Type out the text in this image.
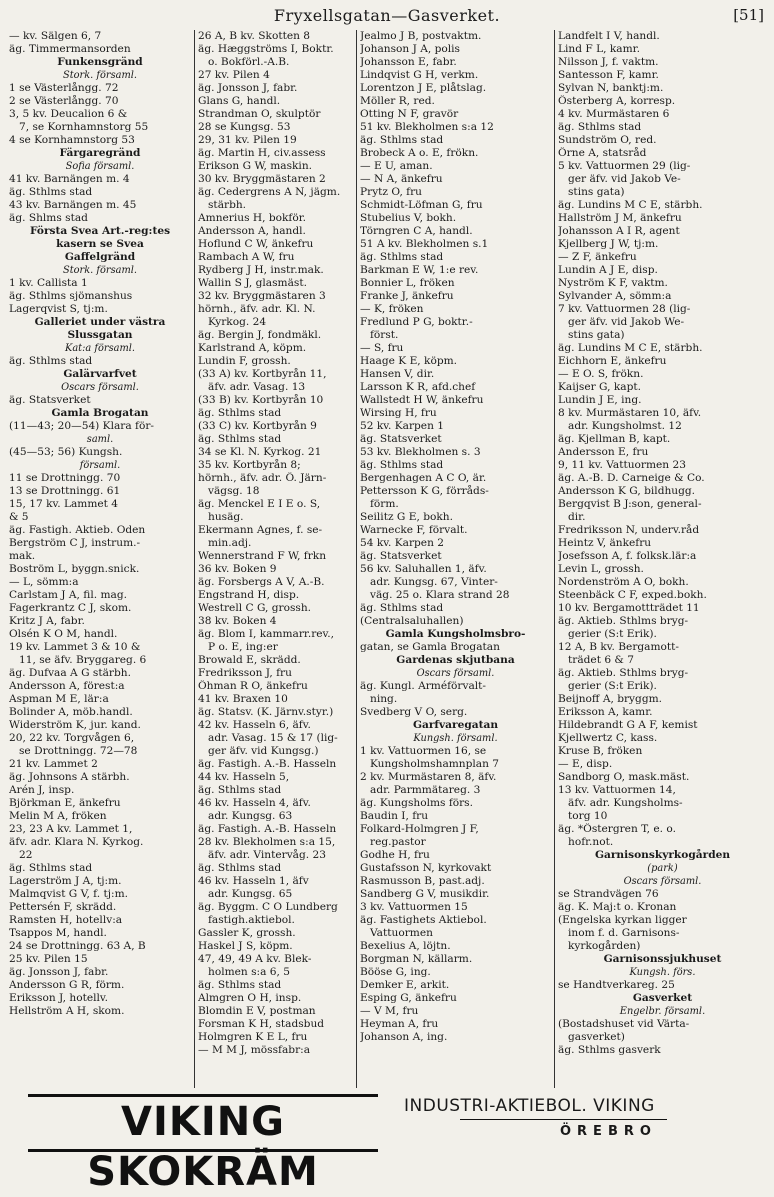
Fryxellsgatan—Gasverket.	[51]
— kv. Sälgen 6, 7
äg. Timmermansorden
Funkensgränd
Stork. församl.
1 se Västerlångg. 72
2 se Västerlångg. 70
3, 5 kv. Deucalion 6 &
7, se Kornhamnstorg 55
4 se Kornhamnstorg 53
Färgaregränd
Sofia församl.
41 kv. Barnängen m. 4
äg. Sthlms stad
43 kv. Barnängen m. 45
äg. Shlms stad
Första Svea Art.-reg:tes
kasern se Svea
Gaffelgränd
Stork. församl.
1 kv. Callista 1
äg. Sthlms sjömanshus
Lagerqvist S, tj:m.
Galleriet under västra
Slussgatan
Kat:a församl.
äg. Sthlms stad
Galärvarfvet
Oscars församl.
äg. Statsverket
Gamla Brogatan
(11—43; 20—54) Klara för-
saml.
(45—53; 56) Kungsh.
församl.
11 se Drottningg. 70
13 se Drottningg. 61
15, 17 kv. Lammet 4
& 5
äg. Fastigh. Aktieb. Oden
Bergström C J, instrum.-
mak.
Boström L, byggn.snick.
— L, sömm:a
Carlstam J A, fil. mag.
Fagerkrantz C J, skom.
Kritz J A, fabr.
Olsén K O M, handl.
19 kv. Lammet 3 & 10 &
11, se äfv. Bryggareg. 6
äg. Dufvaa A G stärbh.
Andersson A, förest:a
Aspman M E, lär:a
Bolinder A, möb.handl.
Widerström K, jur. kand.
20, 22 kv. Torgvågen 6,
se Drottningg. 72—78
21 kv. Lammet 2
äg. Johnsons A stärbh.
Arén J, insp.
Björkman E, änkefru
Melin M A, fröken
23, 23 A kv. Lammet 1,
äfv. adr. Klara N. Kyrkog.
22
äg. Sthlms stad
Lagerström J A, tj:m.
Malmqvist G V, f. tj:m.
Pettersén F, skrädd.
Ramsten H, hotellv:a
Tsappos M, handl.
24 se Drottningg. 63 A, B
25 kv. Pilen 15
äg. Jonsson J, fabr.
Andersson G R, förm.
Eriksson J, hotellv.
Hellström A H, skom.
26 A, B kv. Skotten 8
äg. Hæggströms I, Boktr.
o. Bokförl.-A.B.
27 kv. Pilen 4
äg. Jonsson J, fabr.
Glans G, handl.
Strandman O, skulptör
28 se Kungsg. 53
29, 31 kv. Pilen 19
äg. Martin H, civ.assess
Erikson G W, maskin.
30 kv. Bryggmästaren 2
äg. Cedergrens A N, jägm.
stärbh.
Amnerius H, bokför.
Andersson A, handl.
Hoflund C W, änkefru
Rambach A W, fru
Rydberg J H, instr.mak.
Wallin S J, glasmäst.
32 kv. Bryggmästaren 3
hörnh., äfv. adr. Kl. N.
Kyrkog. 24
äg. Bergin J, fondmäkl.
Karlstrand A, köpm.
Lundin F, grossh.
(33 A) kv. Kortbyrån 11,
äfv. adr. Vasag. 13
(33 B) kv. Kortbyrån 10
äg. Sthlms stad
(33 C) kv. Kortbyrån 9
äg. Sthlms stad
34 se Kl. N. Kyrkog. 21
35 kv. Kortbyrån 8;
hörnh., äfv. adr. Ö. Järn-
vägsg. 18
äg. Menckel E I E o. S,
husäg.
Ekermann Agnes, f. se-
min.adj.
Wennerstrand F W, frkn
36 kv. Boken 9
äg. Forsbergs A V, A.-B.
Engstrand H, disp.
Westrell C G, grossh.
38 kv. Boken 4
äg. Blom I, kammarr.rev.,
P o. E, ing:er
Browald E, skrädd.
Fredriksson J, fru
Öhman R O, änkefru
41 kv. Braxen 10
äg. Statsv. (K. Järnv.styr.)
42 kv. Hasseln 6, äfv.
adr. Vasag. 15 & 17 (lig-
ger äfv. vid Kungsg.)
äg. Fastigh. A.-B. Hasseln
44 kv. Hasseln 5,
äg. Sthlms stad
46 kv. Hasseln 4, äfv.
adr. Kungsg. 63
äg. Fastigh. A.-B. Hasseln
28 kv. Blekholmen s:a 15,
äfv. adr. Vintervåg. 23
äg. Sthlms stad
46 kv. Hasseln 1, äfv
adr. Kungsg. 65
äg. Byggm. C O Lundberg
fastigh.aktiebol.
Gassler K, grossh.
Haskel J S, köpm.
47, 49, 49 A kv. Blek-
holmen s:a 6, 5
äg. Sthlms stad
Almgren O H, insp.
Blomdin E V, postman
Forsman K H, stadsbud
Holmgren K E L, fru
— M M J, mössfabr:a
Jealmo J B, postvaktm.
Johanson J A, polis
Johansson E, fabr.
Lindqvist G H, verkm.
Lorentzon J E, plåtslag.
Möller R, red.
Otting N F, gravör
51 kv. Blekholmen s:a 12
äg. Sthlms stad
Brobeck A o. E, frökn.
— E U, aman.
— N A, änkefru
Prytz O, fru
Schmidt-Löfman G, fru
Stubelius V, bokh.
Törngren C A, handl.
51 A kv. Blekholmen s.1
äg. Sthlms stad
Barkman E W, 1:e rev.
Bonnier L, fröken
Franke J, änkefru
— K, fröken
Fredlund P G, boktr.-
först.
— S, fru
Haage K E, köpm.
Hansen V, dir.
Larsson K R, afd.chef
Wallstedt H W, änkefru
Wirsing H, fru
52 kv. Karpen 1
äg. Statsverket
53 kv. Blekholmen s. 3
äg. Sthlms stad
Bergenhagen A C O, är.
Pettersson K G, förråds-
förm.
Seilitz G E, bokh.
Warnecke F, förvalt.
54 kv. Karpen 2
äg. Statsverket
56 kv. Saluhallen 1, äfv.
adr. Kungsg. 67, Vinter-
väg. 25 o. Klara strand 28
äg. Sthlms stad
(Centralsaluhallen)
Gamla Kungsholmsbro-
gatan, se Gamla Brogatan
Gardenas skjutbana
Oscars församl.
äg. Kungl. Arméförvalt-
ning.
Svedberg V O, serg.
Garfvaregatan
Kungsh. församl.
1 kv. Vattuormen 16, se
Kungsholmshamnplan 7
2 kv. Murmästaren 8, äfv.
adr. Parmmätareg. 3
äg. Kungsholms förs.
Baudin I, fru
Folkard-Holmgren J F,
reg.pastor
Godhe H, fru
Gustafsson N, kyrkovakt
Rasmusson B, past.adj.
Sandberg G V, musikdir.
3 kv. Vattuormen 15
äg. Fastighets Aktiebol.
Vattuormen
Bexelius A, löjtn.
Borgman N, källarm.
Bööse G, ing.
Demker E, arkit.
Esping G, änkefru
— V M, fru
Heyman A, fru
Johanson A, ing.
Landfelt I V, handl.
Lind F L, kamr.
Nilsson J, f. vaktm.
Santesson F, kamr.
Sylvan N, banktj:m.
Österberg A, korresp.
4 kv. Murmästaren 6
äg. Sthlms stad
Sundström O, red.
Örne A, statsråd
5 kv. Vattuormen 29 (lig-
ger äfv. vid Jakob Ve-
stins gata)
äg. Lundins M C E, stärbh.
Hallström J M, änkefru
Johansson A I R, agent
Kjellberg J W, tj:m.
— Z F, änkefru
Lundin A J E, disp.
Nyström K F, vaktm.
Sylvander A, sömm:a
7 kv. Vattuormen 28 (lig-
ger äfv. vid Jakob We-
stins gata)
äg. Lundins M C E, stärbh.
Eichhorn E, änkefru
— E O. S, frökn.
Kaijser G, kapt.
Lundin J E, ing.
8 kv. Murmästaren 10, äfv.
adr. Kungsholmst. 12
äg. Kjellman B, kapt.
Andersson E, fru
9, 11 kv. Vattuormen 23
äg. A.-B. D. Carneige & Co.
Andersson K G, bildhugg.
Bergqvist B J:son, general-
dir.
Fredriksson N, underv.råd
Heintz V, änkefru
Josefsson A, f. folksk.lär:a
Levin L, grossh.
Nordenström A O, bokh.
Steenbäck C F, exped.bokh.
10 kv. Bergamottträdet 11
äg. Aktieb. Sthlms bryg-
gerier (S:t Erik).
12 A, B kv. Bergamott-
trädet 6 & 7
äg. Aktieb. Sthlms bryg-
gerier (S:t Erik).
Beijnoff A, bryggm.
Eriksson A, kamr.
Hildebrandt G A F, kemist
Kjellwertz C, kass.
Kruse B, fröken
— E, disp.
Sandborg O, mask.mäst.
13 kv. Vattuormen 14,
äfv. adr. Kungsholms-
torg 10
äg. *Östergren T, e. o.
hofr.not.
Garnisonskyrkogården
(park)
Oscars församl.
se Strandvägen 76
äg. K. Maj:t o. Kronan
(Engelska kyrkan ligger
inom f. d. Garnisons-
kyrkogården)
Garnisonssjukhuset
Kungsh. förs.
se Handtverkareg. 25
Gasverket
Engelbr. församl.
(Bostadshuset vid Värta-
gasverket)
äg. Sthlms gasverk
VIKING SKOKRÄM
INDUSTRI-AKTIEBOL. VIKING
ÖREBRO
